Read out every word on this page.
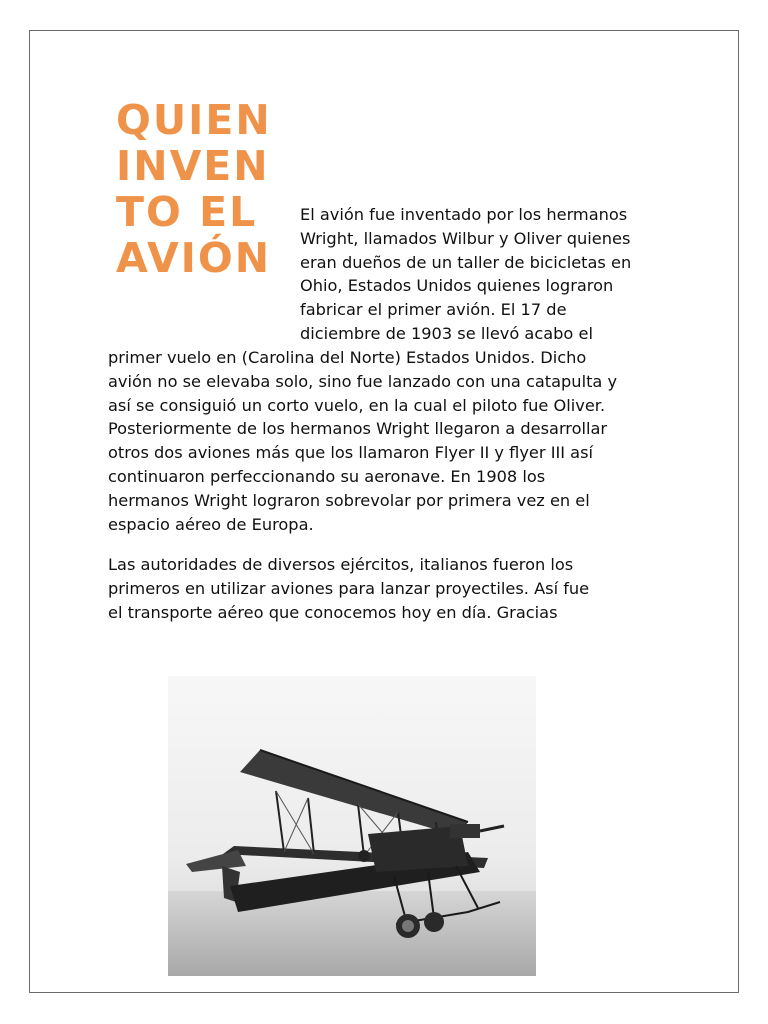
QUIEN
INVEN
TO EL
AVIÓN
El avión fue inventado por los hermanos
Wright, llamados Wilbur y Oliver quienes
eran dueños de un taller de bicicletas en
Ohio, Estados Unidos quienes lograron
fabricar el primer avión. El 17 de
diciembre de 1903 se llevó acabo el
primer vuelo en (Carolina del Norte) Estados Unidos. Dicho
avión no se elevaba solo, sino fue lanzado con una catapulta y
así se consiguió un corto vuelo, en la cual el piloto fue Oliver.
Posteriormente de los hermanos Wright llegaron a desarrollar
otros dos aviones más que los llamaron Flyer II y flyer III así
continuaron perfeccionando su aeronave. En 1908 los
hermanos Wright lograron sobrevolar por primera vez en el
espacio aéreo de Europa.
Las autoridades de diversos ejércitos, italianos fueron los
primeros en utilizar aviones para lanzar proyectiles. Así fue
el transporte aéreo que conocemos hoy en día. Gracias
